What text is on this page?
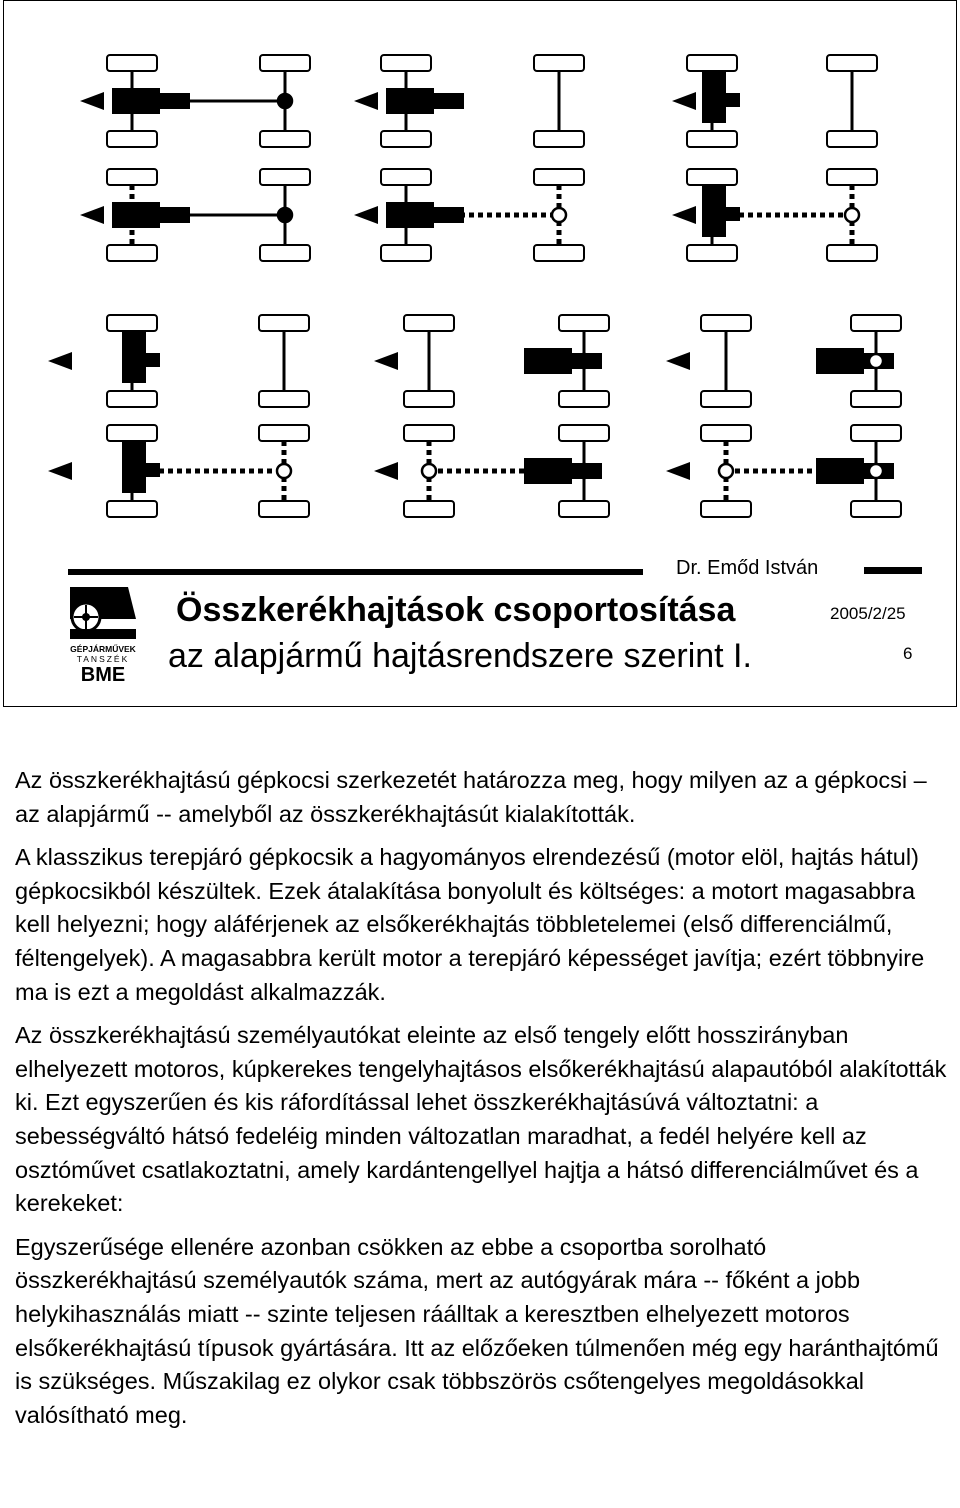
Dr. Emőd István
GÉPJÁRMŰVEK
TANSZÉK
BME
Összkerékhajtások csoportosítása
az alapjármű hajtásrendszere szerint I.
2005/2/25
6

Az összkerékhajtású gépkocsi szerkezetét határozza meg, hogy milyen az a gépkocsi – az alapjármű -- amelyből az összkerékhajtásút kialakították.

A klasszikus terepjáró gépkocsik a hagyományos elrendezésű (motor elöl, hajtás hátul) gépkocsikból készültek. Ezek átalakítása bonyolult és költséges: a motort magasabbra kell helyezni; hogy aláférjenek az elsőkerékhajtás többletelemei (első differenciálmű, féltengelyek). A magasabbra került motor a terepjáró képességet javítja; ezért többnyire ma is ezt a megoldást alkalmazzák.

Az összkerékhajtású személyautókat eleinte az első tengely előtt hosszirányban elhelyezett motoros, kúpkerekes tengelyhajtásos elsőkerékhajtású alapautóból alakították ki. Ezt egyszerűen és kis ráfordítással lehet összkerékhajtásúvá változtatni: a sebességváltó hátsó fedeléig minden változatlan maradhat, a fedél helyére kell az osztóművet csatlakoztatni, amely kardántengellyel hajtja a hátsó differenciálművet és a kerekeket:

Egyszerűsége ellenére azonban csökken az ebbe a csoportba sorolható összkerékhajtású személyautók száma, mert az autógyárak mára -- főként a jobb helykihasználás miatt -- szinte teljesen ráálltak a keresztben elhelyezett motoros elsőkerékhajtású típusok gyártására. Itt az előzőeken túlmenően még egy haránthajtómű is szükséges. Műszakilag ez olykor csak többszörös csőtengelyes megoldásokkal valósítható meg.
